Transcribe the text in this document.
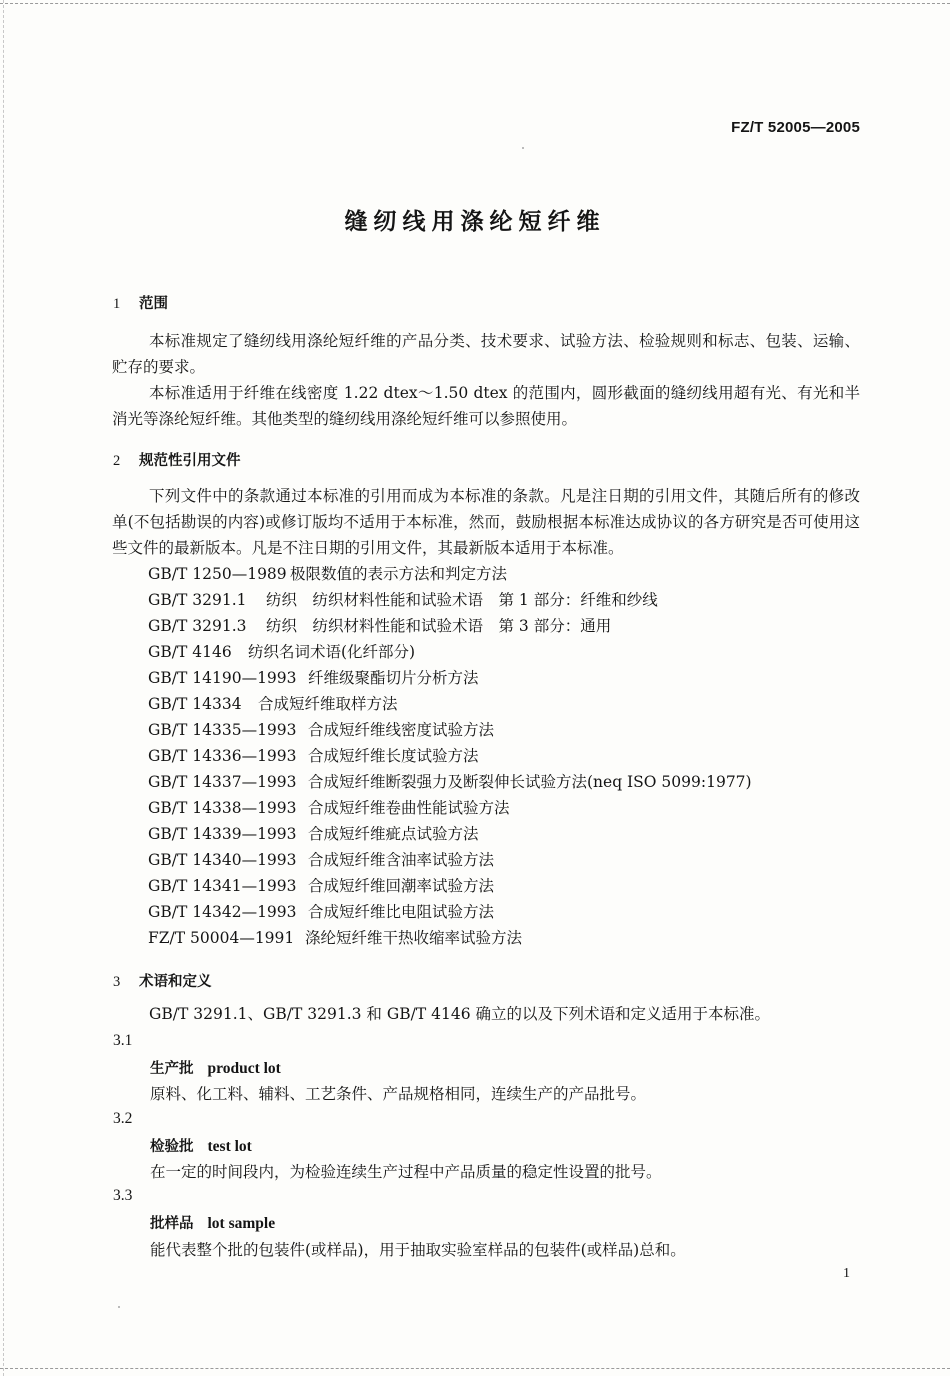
FZ/T 52005—2005
缝纫线用涤纶短纤维
1 范围
本标准规定了缝纫线用涤纶短纤维的产品分类、技术要求、试验方法、检验规则和标志、包装、运输、贮存的要求。
本标准适用于纤维在线密度 1.22 dtex～1.50 dtex 的范围内，圆形截面的缝纫线用超有光、有光和半消光等涤纶短纤维。其他类型的缝纫线用涤纶短纤维可以参照使用。
2 规范性引用文件
下列文件中的条款通过本标准的引用而成为本标准的条款。凡是注日期的引用文件，其随后所有的修改单(不包括勘误的内容)或修订版均不适用于本标准，然而，鼓励根据本标准达成协议的各方研究是否可使用这些文件的最新版本。凡是不注日期的引用文件，其最新版本适用于本标准。
GB/T 1250—1989 极限数值的表示方法和判定方法
GB/T 3291.1 纺织　纺织材料性能和试验术语　第 1 部分：纤维和纱线
GB/T 3291.3 纺织　纺织材料性能和试验术语　第 3 部分：通用
GB/T 4146 纺织名词术语(化纤部分)
GB/T 14190—1993 纤维级聚酯切片分析方法
GB/T 14334 合成短纤维取样方法
GB/T 14335—1993 合成短纤维线密度试验方法
GB/T 14336—1993 合成短纤维长度试验方法
GB/T 14337—1993 合成短纤维断裂强力及断裂伸长试验方法(neq ISO 5099:1977)
GB/T 14338—1993 合成短纤维卷曲性能试验方法
GB/T 14339—1993 合成短纤维疵点试验方法
GB/T 14340—1993 合成短纤维含油率试验方法
GB/T 14341—1993 合成短纤维回潮率试验方法
GB/T 14342—1993 合成短纤维比电阻试验方法
FZ/T 50004—1991 涤纶短纤维干热收缩率试验方法
3 术语和定义
GB/T 3291.1、GB/T 3291.3 和 GB/T 4146 确立的以及下列术语和定义适用于本标准。
3.1
生产批 product lot
原料、化工料、辅料、工艺条件、产品规格相同，连续生产的产品批号。
3.2
检验批 test lot
在一定的时间段内，为检验连续生产过程中产品质量的稳定性设置的批号。
3.3
批样品 lot sample
能代表整个批的包装件(或样品)，用于抽取实验室样品的包装件(或样品)总和。
1
